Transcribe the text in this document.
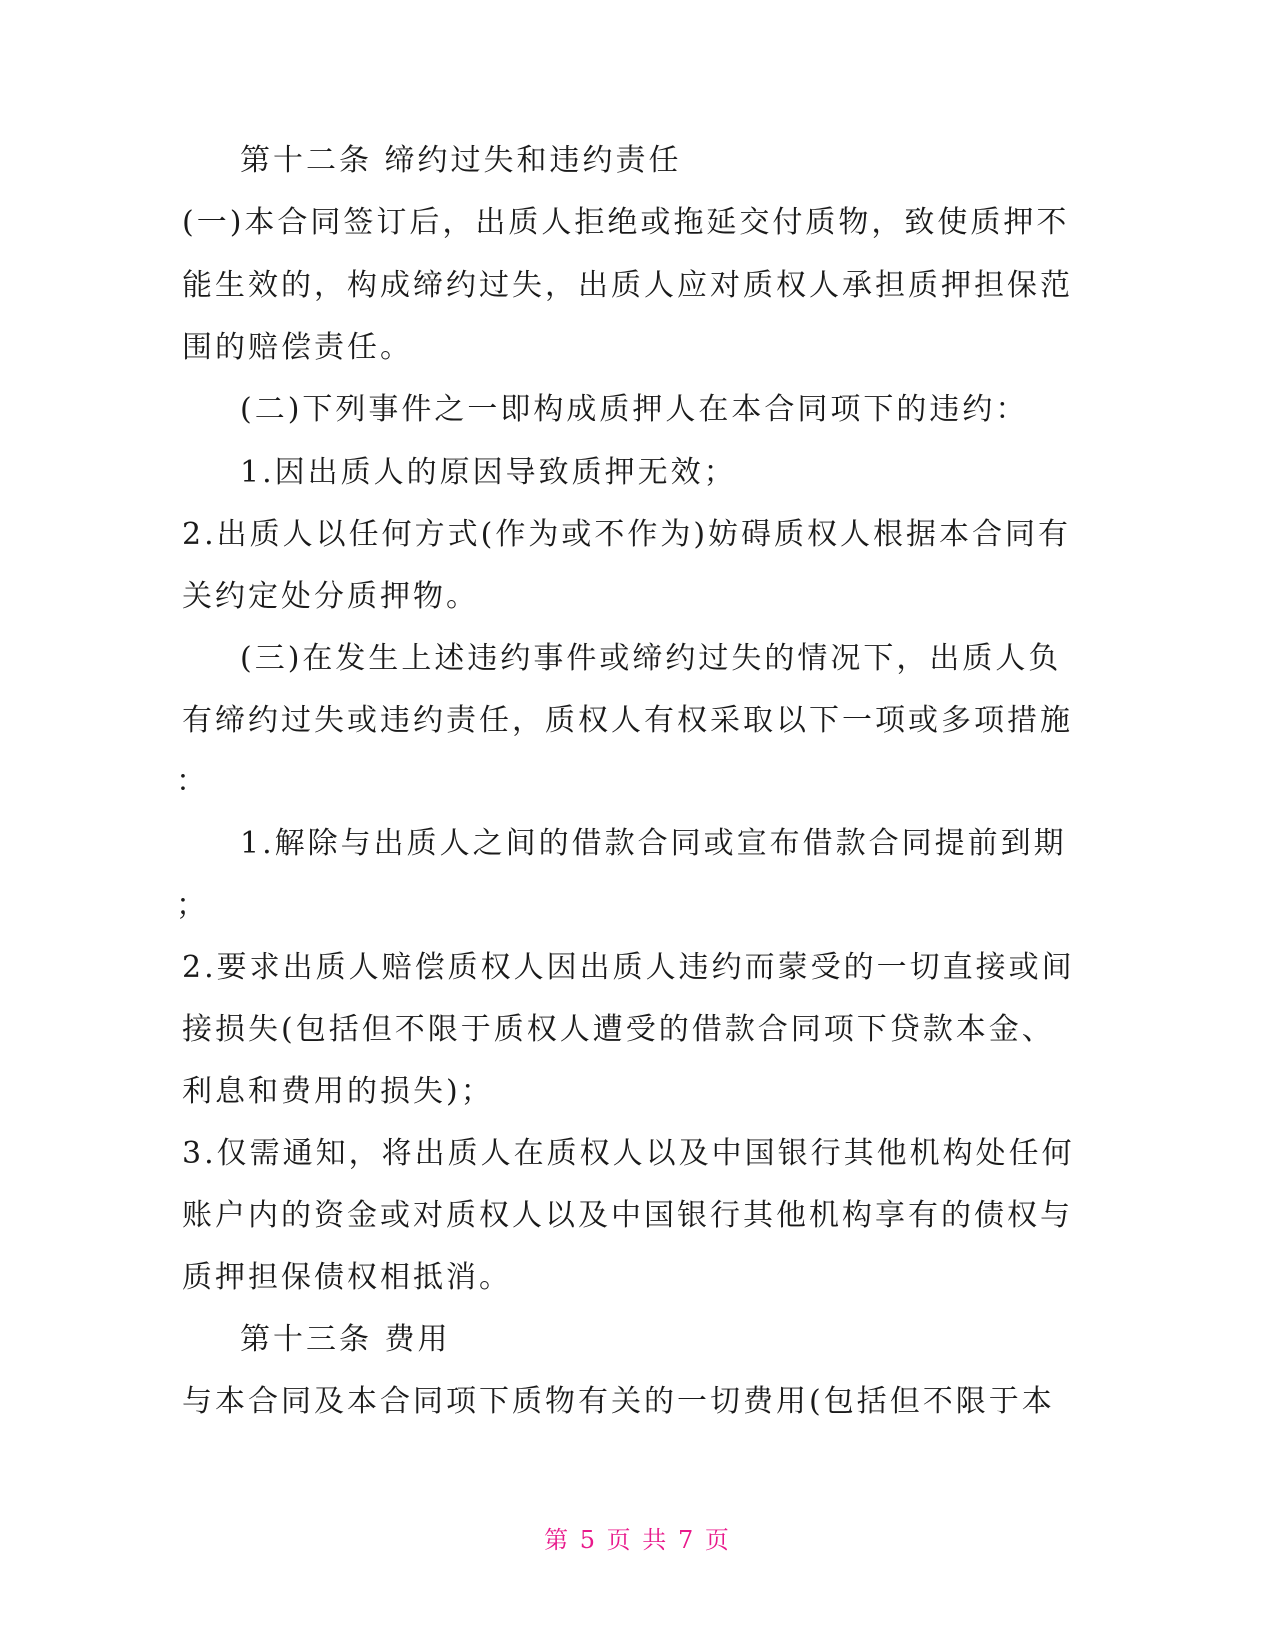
第十二条 缔约过失和违约责任
(一)本合同签订后，出质人拒绝或拖延交付质物，致使质押不
能生效的，构成缔约过失，出质人应对质权人承担质押担保范
围的赔偿责任。
(二)下列事件之一即构成质押人在本合同项下的违约：
1.因出质人的原因导致质押无效；
2.出质人以任何方式(作为或不作为)妨碍质权人根据本合同有
关约定处分质押物。
(三)在发生上述违约事件或缔约过失的情况下，出质人负
有缔约过失或违约责任，质权人有权采取以下一项或多项措施
：
1.解除与出质人之间的借款合同或宣布借款合同提前到期
；
2.要求出质人赔偿质权人因出质人违约而蒙受的一切直接或间
接损失(包括但不限于质权人遭受的借款合同项下贷款本金、
利息和费用的损失)；
3.仅需通知，将出质人在质权人以及中国银行其他机构处任何
账户内的资金或对质权人以及中国银行其他机构享有的债权与
质押担保债权相抵消。
第十三条 费用
与本合同及本合同项下质物有关的一切费用(包括但不限于本
第 5 页 共 7 页
